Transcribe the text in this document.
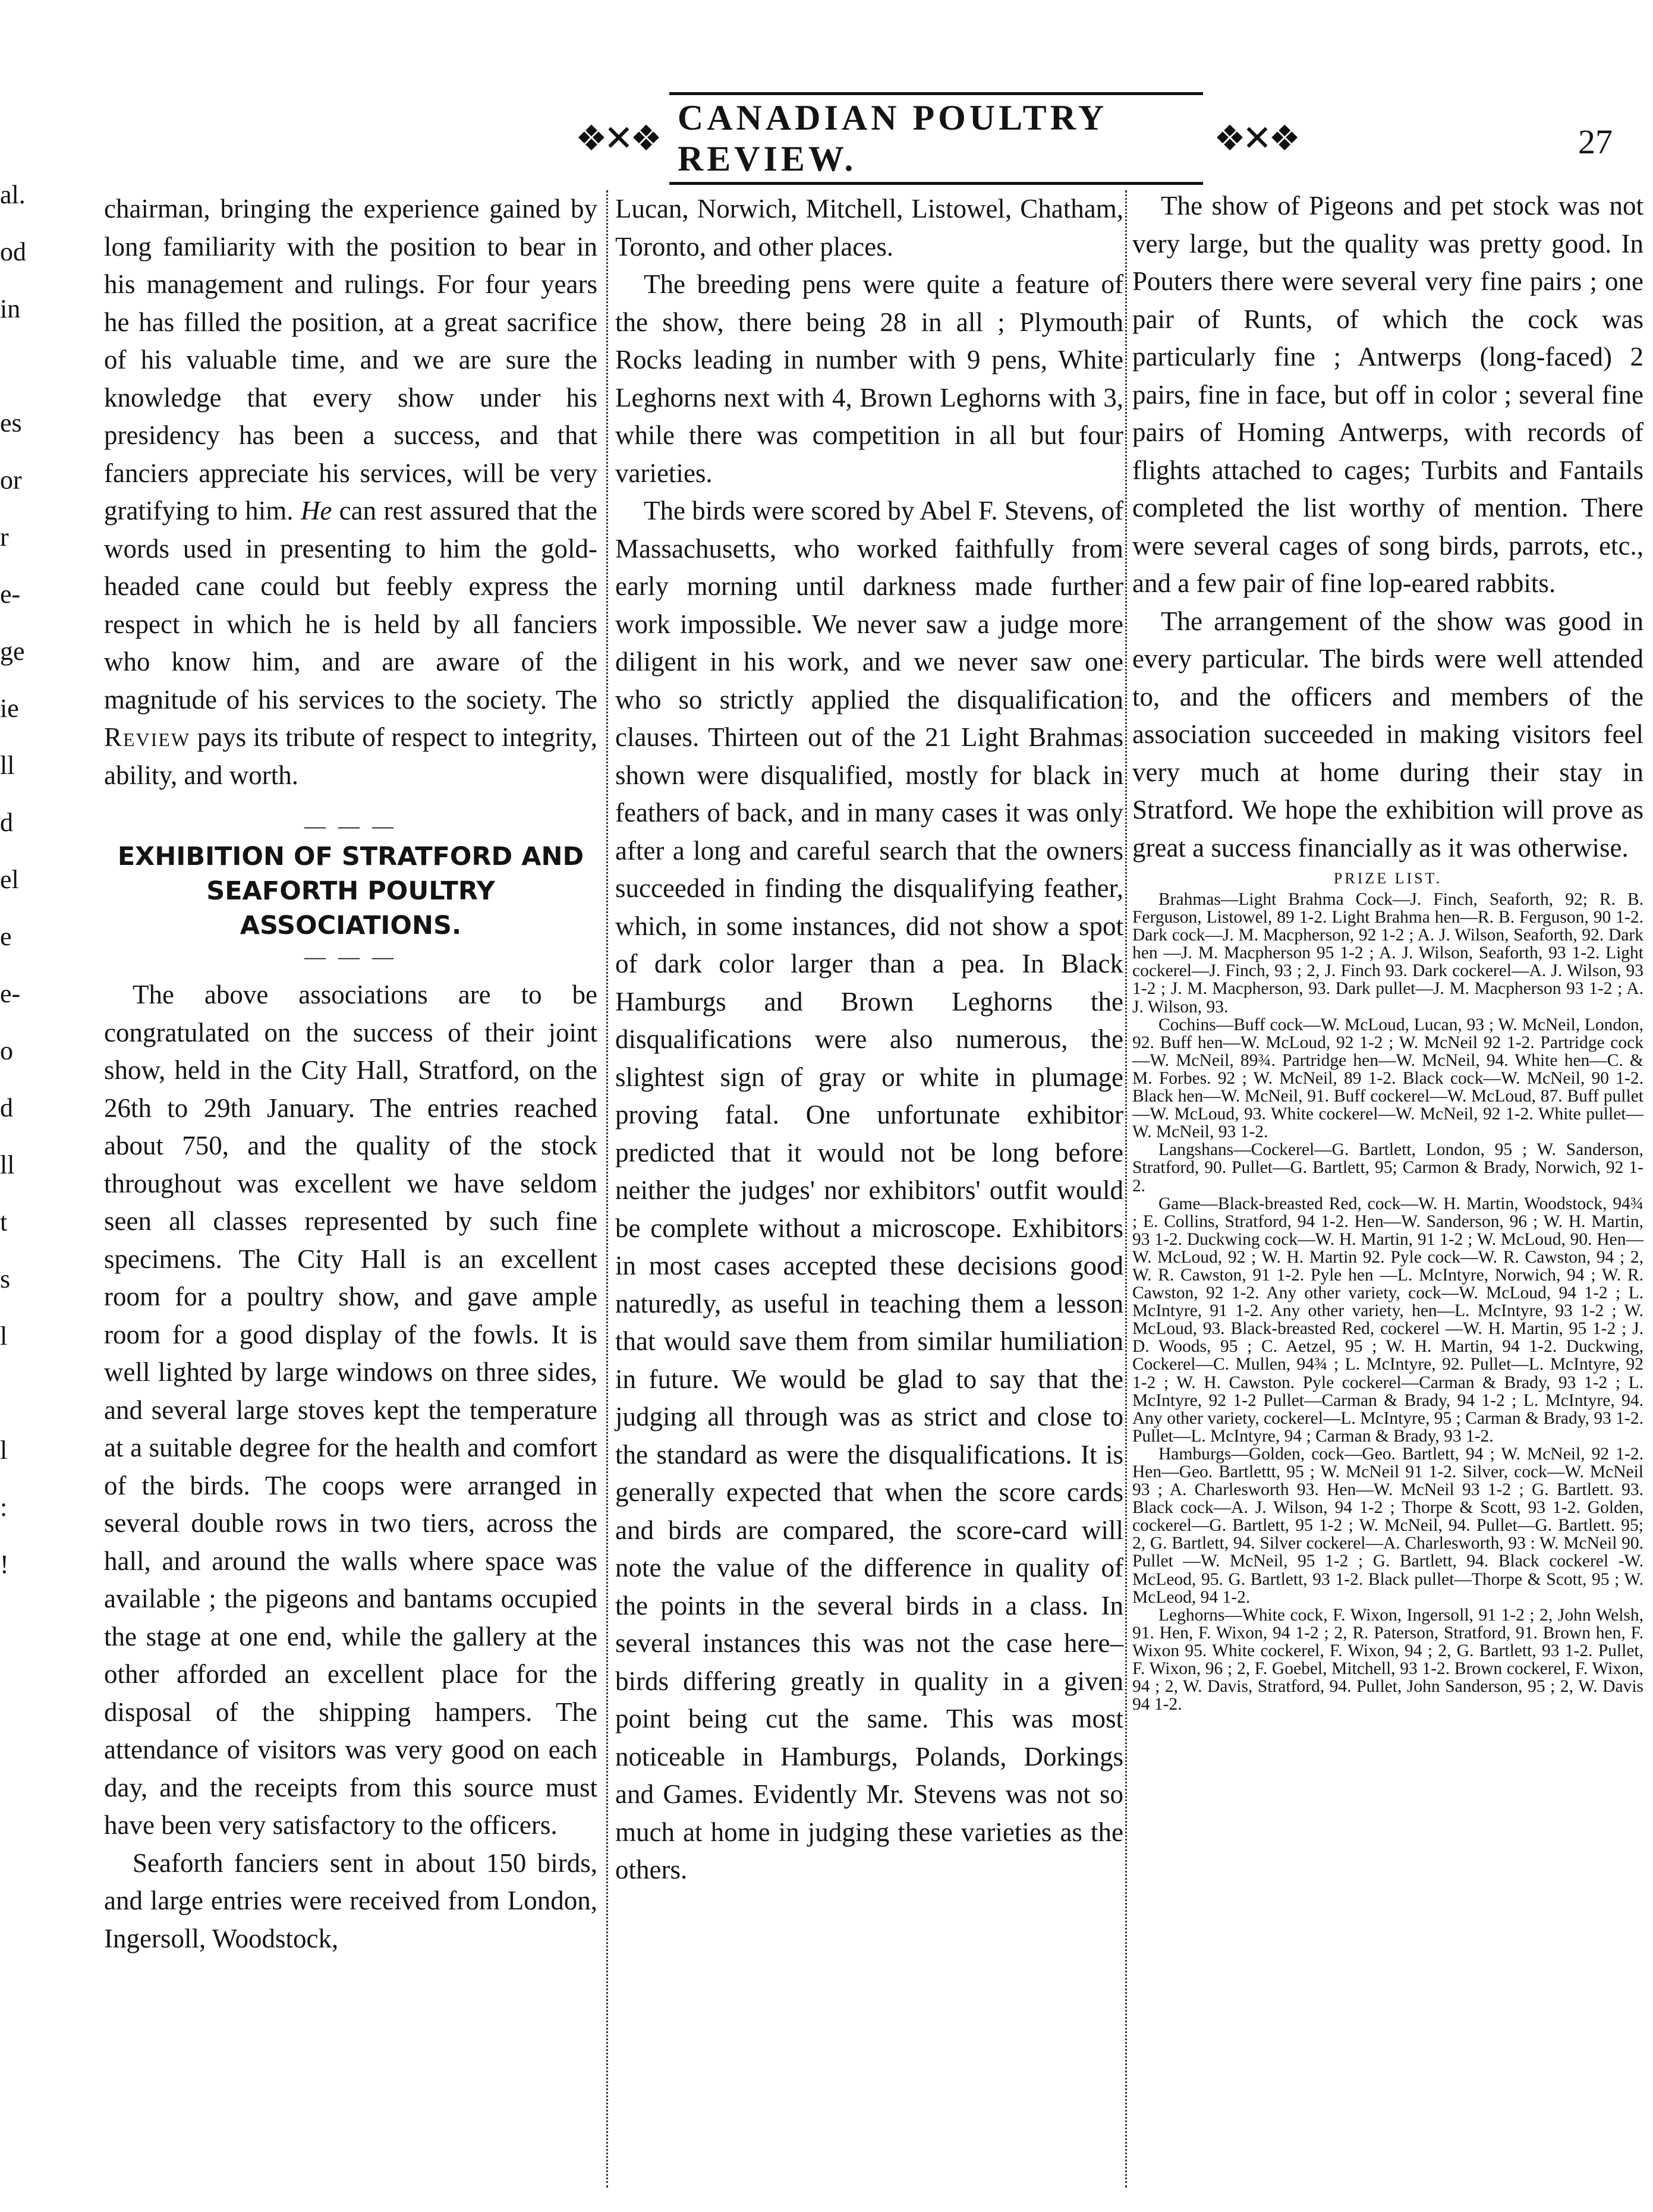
al.
od
in

es
or
r
e-
ge
ie
ll
d
el
e
e-
o
d
ll
t
s
l

l
:
!
❖✕❖ CANADIAN POULTRY REVIEW.	❖✕❖	27

chairman, bringing the experience gained by long familiarity with the position to bear in his management and rulings. For four years he has filled the position, at a great sacrifice of his valuable time, and we are sure the knowledge that every show under his presidency has been a success, and that fanciers appreciate his services, will be very gratifying to him. He can rest assured that the words used in presenting to him the gold-headed cane could but feebly express the respect in which he is held by all fanciers who know him, and are aware of the magnitude of his services to the society. The Review pays its tribute of respect to integrity, ability, and worth.

— — —

EXHIBITION OF STRATFORD AND SEAFORTH POULTRY ASSOCIATIONS.

— — —

The above associations are to be congratulated on the success of their joint show, held in the City Hall, Stratford, on the 26th to 29th January. The entries reached about 750, and the quality of the stock throughout was excellent we have seldom seen all classes represented by such fine specimens. The City Hall is an excellent room for a poultry show, and gave ample room for a good display of the fowls. It is well lighted by large windows on three sides, and several large stoves kept the temperature at a suitable degree for the health and comfort of the birds. The coops were arranged in several double rows in two tiers, across the hall, and around the walls where space was available ; the pigeons and bantams occupied the stage at one end, while the gallery at the other afforded an excellent place for the disposal of the shipping hampers. The attendance of visitors was very good on each day, and the receipts from this source must have been very satisfactory to the officers.

Seaforth fanciers sent in about 150 birds, and large entries were received from London, Ingersoll, Woodstock,

Lucan, Norwich, Mitchell, Listowel, Chatham, Toronto, and other places.

The breeding pens were quite a feature of the show, there being 28 in all ; Plymouth Rocks leading in number with 9 pens, White Leghorns next with 4, Brown Leghorns with 3, while there was competition in all but four varieties.

The birds were scored by Abel F. Stevens, of Massachusetts, who worked faithfully from early morning until darkness made further work impossible. We never saw a judge more diligent in his work, and we never saw one who so strictly applied the disqualification clauses. Thirteen out of the 21 Light Brahmas shown were disqualified, mostly for black in feathers of back, and in many cases it was only after a long and careful search that the owners succeeded in finding the disqualifying feather, which, in some instances, did not show a spot of dark color larger than a pea. In Black Hamburgs and Brown Leghorns the disqualifications were also numerous, the slightest sign of gray or white in plumage proving fatal. One unfortunate exhibitor predicted that it would not be long before neither the judges' nor exhibitors' outfit would be complete without a microscope. Exhibitors in most cases accepted these decisions good naturedly, as useful in teaching them a lesson that would save them from similar humiliation in future. We would be glad to say that the judging all through was as strict and close to the standard as were the disqualifications. It is generally expected that when the score cards and birds are compared, the score-card will note the value of the difference in quality of the points in the several birds in a class. In several instances this was not the case here–birds differing greatly in quality in a given point being cut the same. This was most noticeable in Hamburgs, Polands, Dorkings and Games. Evidently Mr. Stevens was not so much at home in judging these varieties as the others.

The show of Pigeons and pet stock was not very large, but the quality was pretty good. In Pouters there were several very fine pairs ; one pair of Runts, of which the cock was particularly fine ; Antwerps (long-faced) 2 pairs, fine in face, but off in color ; several fine pairs of Homing Antwerps, with records of flights attached to cages; Turbits and Fantails completed the list worthy of mention. There were several cages of song birds, parrots, etc., and a few pair of fine lop-eared rabbits.

The arrangement of the show was good in every particular. The birds were well attended to, and the officers and members of the association succeeded in making visitors feel very much at home during their stay in Stratford. We hope the exhibition will prove as great a success financially as it was otherwise.

PRIZE LIST.

Brahmas—Light Brahma Cock—J. Finch, Seaforth, 92; R. B. Ferguson, Listowel, 89 1-2. Light Brahma hen—R. B. Ferguson, 90 1-2. Dark cock—J. M. Macpherson, 92 1-2 ; A. J. Wilson, Seaforth, 92. Dark hen —J. M. Macpherson 95 1-2 ; A. J. Wilson, Seaforth, 93 1-2. Light cockerel—J. Finch, 93 ; 2, J. Finch 93. Dark cockerel—A. J. Wilson, 93 1-2 ; J. M. Macpherson, 93. Dark pullet—J. M. Macpherson 93 1-2 ; A. J. Wilson, 93.

Cochins—Buff cock—W. McLoud, Lucan, 93 ; W. McNeil, London, 92. Buff hen—W. McLoud, 92 1-2 ; W. McNeil 92 1-2. Partridge cock—W. McNeil, 89¾. Partridge hen—W. McNeil, 94. White hen—C. & M. Forbes. 92 ; W. McNeil, 89 1-2. Black cock—W. McNeil, 90 1-2. Black hen—W. McNeil, 91. Buff cockerel—W. McLoud, 87. Buff pullet—W. McLoud, 93. White cockerel—W. McNeil, 92 1-2. White pullet—W. McNeil, 93 1-2.

Langshans—Cockerel—G. Bartlett, London, 95 ; W. Sanderson, Stratford, 90. Pullet—G. Bartlett, 95; Carmon & Brady, Norwich, 92 1-2.

Game—Black-breasted Red, cock—W. H. Martin, Woodstock, 94¾ ; E. Collins, Stratford, 94 1-2. Hen—W. Sanderson, 96 ; W. H. Martin, 93 1-2. Duckwing cock—W. H. Martin, 91 1-2 ; W. McLoud, 90. Hen—W. McLoud, 92 ; W. H. Martin 92. Pyle cock—W. R. Cawston, 94 ; 2, W. R. Cawston, 91 1-2. Pyle hen —L. McIntyre, Norwich, 94 ; W. R. Cawston, 92 1-2. Any other variety, cock—W. McLoud, 94 1-2 ; L. McIntyre, 91 1-2. Any other variety, hen—L. McIntyre, 93 1-2 ; W. McLoud, 93. Black-breasted Red, cockerel —W. H. Martin, 95 1-2 ; J. D. Woods, 95 ; C. Aetzel, 95 ; W. H. Martin, 94 1-2. Duckwing, Cockerel—C. Mullen, 94¾ ; L. McIntyre, 92. Pullet—L. McIntyre, 92 1-2 ; W. H. Cawston. Pyle cockerel—Carman & Brady, 93 1-2 ; L. McIntyre, 92 1-2 Pullet—Carman & Brady, 94 1-2 ; L. McIntyre, 94. Any other variety, cockerel—L. McIntyre, 95 ; Carman & Brady, 93 1-2. Pullet—L. McIntyre, 94 ; Carman & Brady, 93 1-2.

Hamburgs—Golden, cock—Geo. Bartlett, 94 ; W. McNeil, 92 1-2. Hen—Geo. Bartlettt, 95 ; W. McNeil 91 1-2. Silver, cock—W. McNeil 93 ; A. Charlesworth 93. Hen—W. McNeil 93 1-2 ; G. Bartlett. 93. Black cock—A. J. Wilson, 94 1-2 ; Thorpe & Scott, 93 1-2. Golden, cockerel—G. Bartlett, 95 1-2 ; W. McNeil, 94. Pullet—G. Bartlett. 95; 2, G. Bartlett, 94. Silver cockerel—A. Charlesworth, 93 : W. McNeil 90. Pullet —W. McNeil, 95 1-2 ; G. Bartlett, 94. Black cockerel -W. McLeod, 95. G. Bartlett, 93 1-2. Black pullet—Thorpe & Scott, 95 ; W. McLeod, 94 1-2.

Leghorns—White cock, F. Wixon, Ingersoll, 91 1-2 ; 2, John Welsh, 91. Hen, F. Wixon, 94 1-2 ; 2, R. Paterson, Stratford, 91. Brown hen, F. Wixon 95. White cockerel, F. Wixon, 94 ; 2, G. Bartlett, 93 1-2. Pullet, F. Wixon, 96 ; 2, F. Goebel, Mitchell, 93 1-2. Brown cockerel, F. Wixon, 94 ; 2, W. Davis, Stratford, 94. Pullet, John Sanderson, 95 ; 2, W. Davis 94 1-2.
